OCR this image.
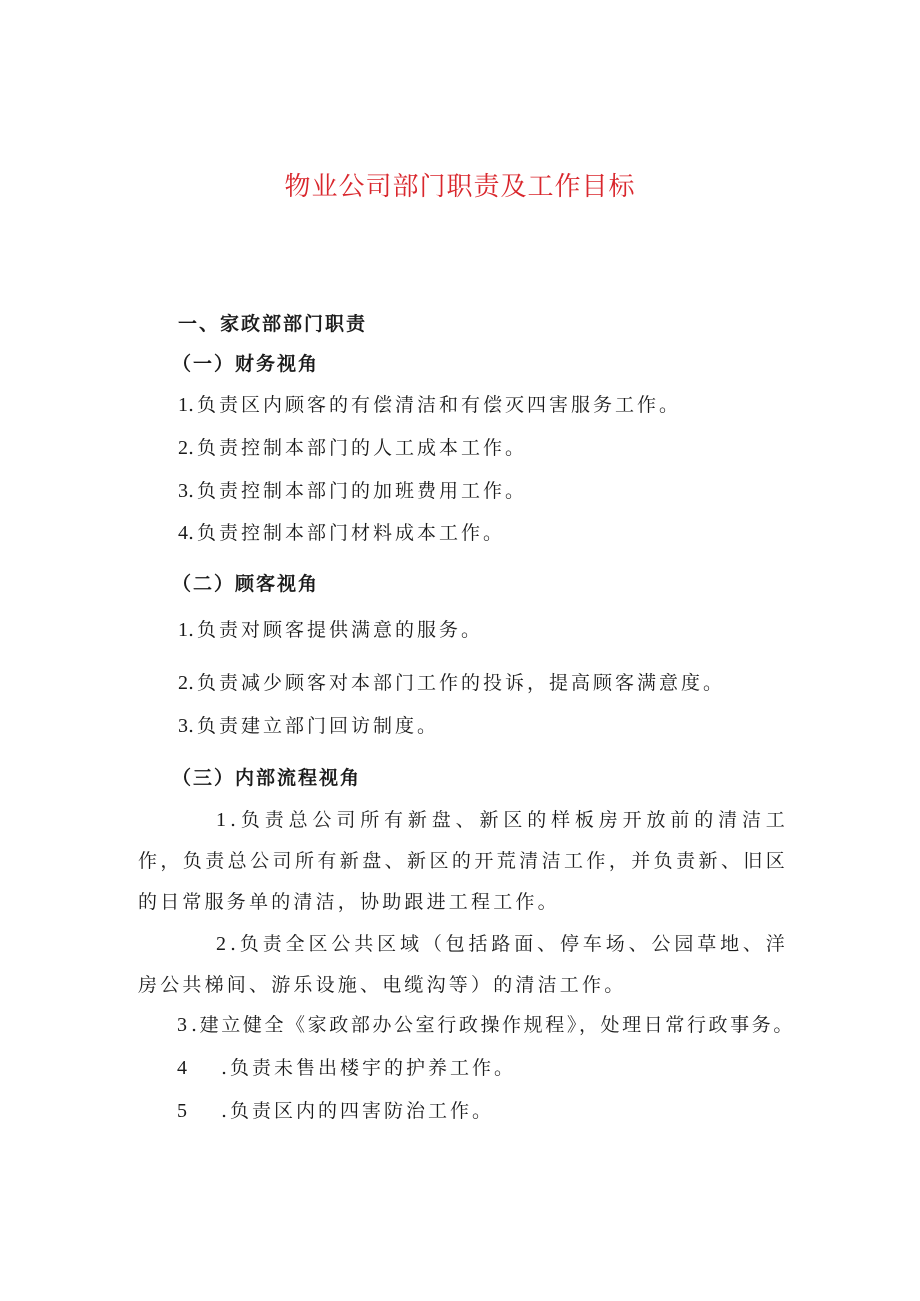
物业公司部门职责及工作目标
一、家政部部门职责
（一）财务视角
1.负责区内顾客的有偿清洁和有偿灭四害服务工作。
2.负责控制本部门的人工成本工作。
3.负责控制本部门的加班费用工作。
4.负责控制本部门材料成本工作。
（二）顾客视角
1.负责对顾客提供满意的服务。
2.负责减少顾客对本部门工作的投诉，提高顾客满意度。
3.负责建立部门回访制度。
（三）内部流程视角
1 .负责总公司所有新盘、新区的样板房开放前的清洁工作，负责总公司所有新盘、新区的开荒清洁工作，并负责新、旧区的日常服务单的清洁，协助跟进工程工作。
2 .负责全区公共区域（包括路面、停车场、公园草地、洋房公共梯间、游乐设施、电缆沟等）的清洁工作。
3 .建立健全《家政部办公室行政操作规程》，处理日常行政事务。
4 .负责未售出楼宇的护养工作。
5 .负责区内的四害防治工作。
